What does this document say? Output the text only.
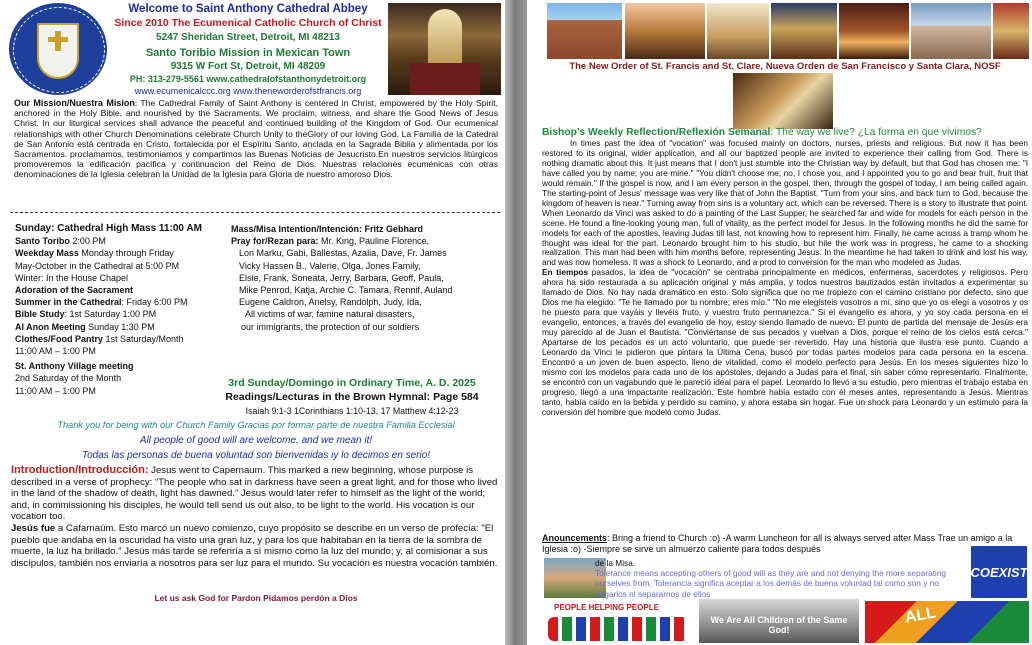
Welcome to Saint Anthony Cathedral Abbey
Since 2010 The Ecumenical Catholic Church of Christ
5247 Sheridan Street, Detroit, MI 48213
Santo Toribio Mission in Mexican Town
9315 W Fort St, Detroit, MI 48209
PH: 313-279-5561 www.cathedralofstanthonydetroit.org
www.ecumenicalccc.org www.theneworderofstfrancis.org
Our Mission/Nuestra Mision: The Cathedral Family of Saint Anthony is centered in Christ, empowered by the Holy Spirit, anchored in the Holy Bible, and nourished by the Sacraments. We proclaim, witness, and share the Good News of Jesus Christ. In our liturgical services shall advance the peaceful and continued building of the Kingdom of God. Our ecumenical relationships with other Church Denominations celebrate Church Unity to theGlory of our loving God. La Familia de la Catedral de San Antonio está centrada en Cristo, fortalecida por el Espíritu Santo, anclada en la Sagrada Biblia y alimentada por los Sacramentos. proclamamos, testimoniamos y compartimos las Buenas Noticias de Jesucristo.En nuestros servicios litúrgicos promoveremos la edificación pacífica y continuacion del Reino de Dios. Nuestras relaciones ecuménicas con otras denominaciones de la Iglesia celebran la Unidad de la Iglesia para Gloria de nuestro amoroso Dios.
Sunday: Cathedral High Mass 11:00 AM
Santo Toribo 2:00 PM
Weekday Mass Monday through Friday
May-October in the Cathedral at 5:00 PM
Winter: In the House Chapel
Adoration of the Sacrament
Summer in the Cathedral: Friday 6:00 PM
Bible Study: 1st Saturday 1:00 PM
Al Anon Meeting Sunday 1:30 PM
Clothes/Food Pantry 1st Saturday/Month
11:00 AM – 1:00 PM
St. Anthony Village meeting
2nd Saturday of the Month
11:00 AM – 1:00 PM
Mass/Misa Intention/Intención: Fritz Gebhard
Pray for/Rezan para: Mr. King, Pauline Florence,
Lon Marku, Gabi, Ballestas, Azalia, Dave, Fr. James
Vicky Hassen B., Valerie, Olga, Jones Family,
Elsie, Frank, Soneata, Jerry, Barbara, Geoff, Paula,
Mike Penrod, Katja, Archie C. Tamara, Rennif, Auland
Eugene Caldron, Anelsy, Randolph, Judy, Ida,
All victims of war, famine natural disasters,
our immigrants, the protection of our soldiers
3rd Sunday/Domingo in Ordinary Time, A. D. 2025
Readings/Lecturas in the Brown Hymnal: Page 584
Isaiah 9:1-3 1Corinthians 1:10-13, 17 Matthew 4:12-23
Thank you for being with our Church Family Gracias por formar parte de nuestra Familia Ecclesial
All people of good will are welcome, and we mean it!
Todas las personas de buena voluntad son bienvenidas iy lo decimos en serio!
Introduction/Introducción: Jesus went to Capernaum. This marked a new beginning, whose purpose is described in a verse of prophecy: “The people who sat in darkness have seen a great light, and for those who lived in the land of the shadow of death, light has dawned.” Jesus would later refer to himself as the light of the world; and, in commissioning his disciples, he would tell send us out also, to be light to the world. His vocation is our vocation too.
Jesús fue a Cafarnaúm. Esto marcó un nuevo comienzo, cuyo propósito se describe en un verso de profecía: "El pueblo que andaba en la oscuridad ha visto una gran luz, y para los que habitaban en la tierra de la sombra de muerte, la luz ha brillado." Jesús más tarde se referiría a sí mismo como la luz del mundo; y, al comisionar a sus discípulos, también nos enviaría a nosotros para ser luz para el mundo. Su vocación es nuestra vocación también.
Let us ask God for Pardon Pidamos perdón a Dios
The New Order of St. Francis and St. Clare, Nueva Orden de San Francisco y Santa Clara, NOSF
Bishop’s Weekly Reflection/Reflexión Semanal: The way we live? ¿La forma en que vivimos?
In times past the idea of "vocation" was focused mainly on doctors, nurses, priests and religious. But now it has been restored to its original, wider application, and all our baptized people are invited to experience their calling from God. There is nothing dramatic about this. It just means that I don't just stumble into the Christian way by default, but that God has chosen me: "I have called you by name; you are mine." "You didn't choose me; no, I chose you, and I appointed you to go and bear fruit, fruit that would remain." If the gospel is now, and I am every person in the gospel, then, through the gospel of today, I am being called again. The starting-point of Jesus' message was very like that of John the Baptist. "Turn from your sins, and back turn to God, because the kingdom of heaven is near." Turning away from sins is a voluntary act, which can be reversed. There is a story to illustrate that point. When Leonardo da Vinci was asked to do a painting of the Last Supper, he searched far and wide for models for each person in the scene. He found a fine-looking young man, full of vitality, as the perfect model for Jesus. In the following months he did the same for models for each of the apostles, leaving Judas till last, not knowing how to represent him. Finally, he came across a tramp whom he thought was ideal for the part. Leonardo brought him to his studio, but hile the work was in progress, he came to a shocking realization. This man had been with him months before, representing Jesus. In the meantime he had taken to drink and lost his way, and was now homeless. It was a shock to Leonardo, and a prod to conversion for the man who modeled as Judas.
En tiempos pasados, la idea de "vocación" se centraba principalmente en médicos, enfermeras, sacerdotes y religiosos. Pero ahora ha sido restaurada a su aplicación original y más amplia, y todos nuestros bautizados están invitados a experimentar su llamado de Dios. No hay nada dramático en esto. Solo significa que no me tropiezo con el camino cristiano por defecto, sino que Dios me ha elegido: "Te he llamado por tu nombre; eres mío." "No me elegisteis vosotros a mí, sino que yo os elegí a vosotros y os he puesto para que vayáis y llevéis fruto, y vuestro fruto permanezca." Si el evangelio es ahora, y yo soy cada persona en el evangelio, entonces, a través del evangelio de hoy, estoy siendo llamado de nuevo. El punto de partida del mensaje de Jesús era muy parecido al de Juan el Bautista. "Conviértanse de sus pecados y vuelvan a Dios, porque el reino de los cielos está cerca." Apartarse de los pecados es un acto voluntario, que puede ser revertido. Hay una historia que ilustra ese punto. Cuando a Leonardo da Vinci le pidieron que pintara la Última Cena, buscó por todas partes modelos para cada persona en la escena. Encontró a un joven de buen aspecto, lleno de vitalidad, como el modelo perfecto para Jesús. En los meses siguientes hizo lo mismo con los modelos para cada uno de los apóstoles, dejando a Judas para el final, sin saber cómo representarlo. Finalmente, se encontró con un vagabundo que le pareció ideal para el papel. Leonardo lo llevó a su estudio, pero mientras el trabajo estaba en progreso, llegó a una impactante realización. Este hombre había estado con él meses antes, representando a Jesús. Mientras tanto, había caído en la bebida y perdido su camino, y ahora estaba sin hogar. Fue un shock para Leonardo y un estímulo para la conversión del hombre que modeló como Judas.
Anouncements: Bring a friend to Church :o) -A warm Luncheon for all is always served after Mass Trae un amigo a la Iglesia :o) -Siempre se sirve un almuerzo caliente para todos después
de la Misa.
Tolerance means accepting others of good will as they are and not denying the more separating ourselves from. Tolerancia significa aceptar a los demás de buena voluntad tal como son y no negarlos ni separarnos de ellos
COEXIST
PEOPLE HELPING PEOPLE
We Are All Children of the Same God!
ALL
